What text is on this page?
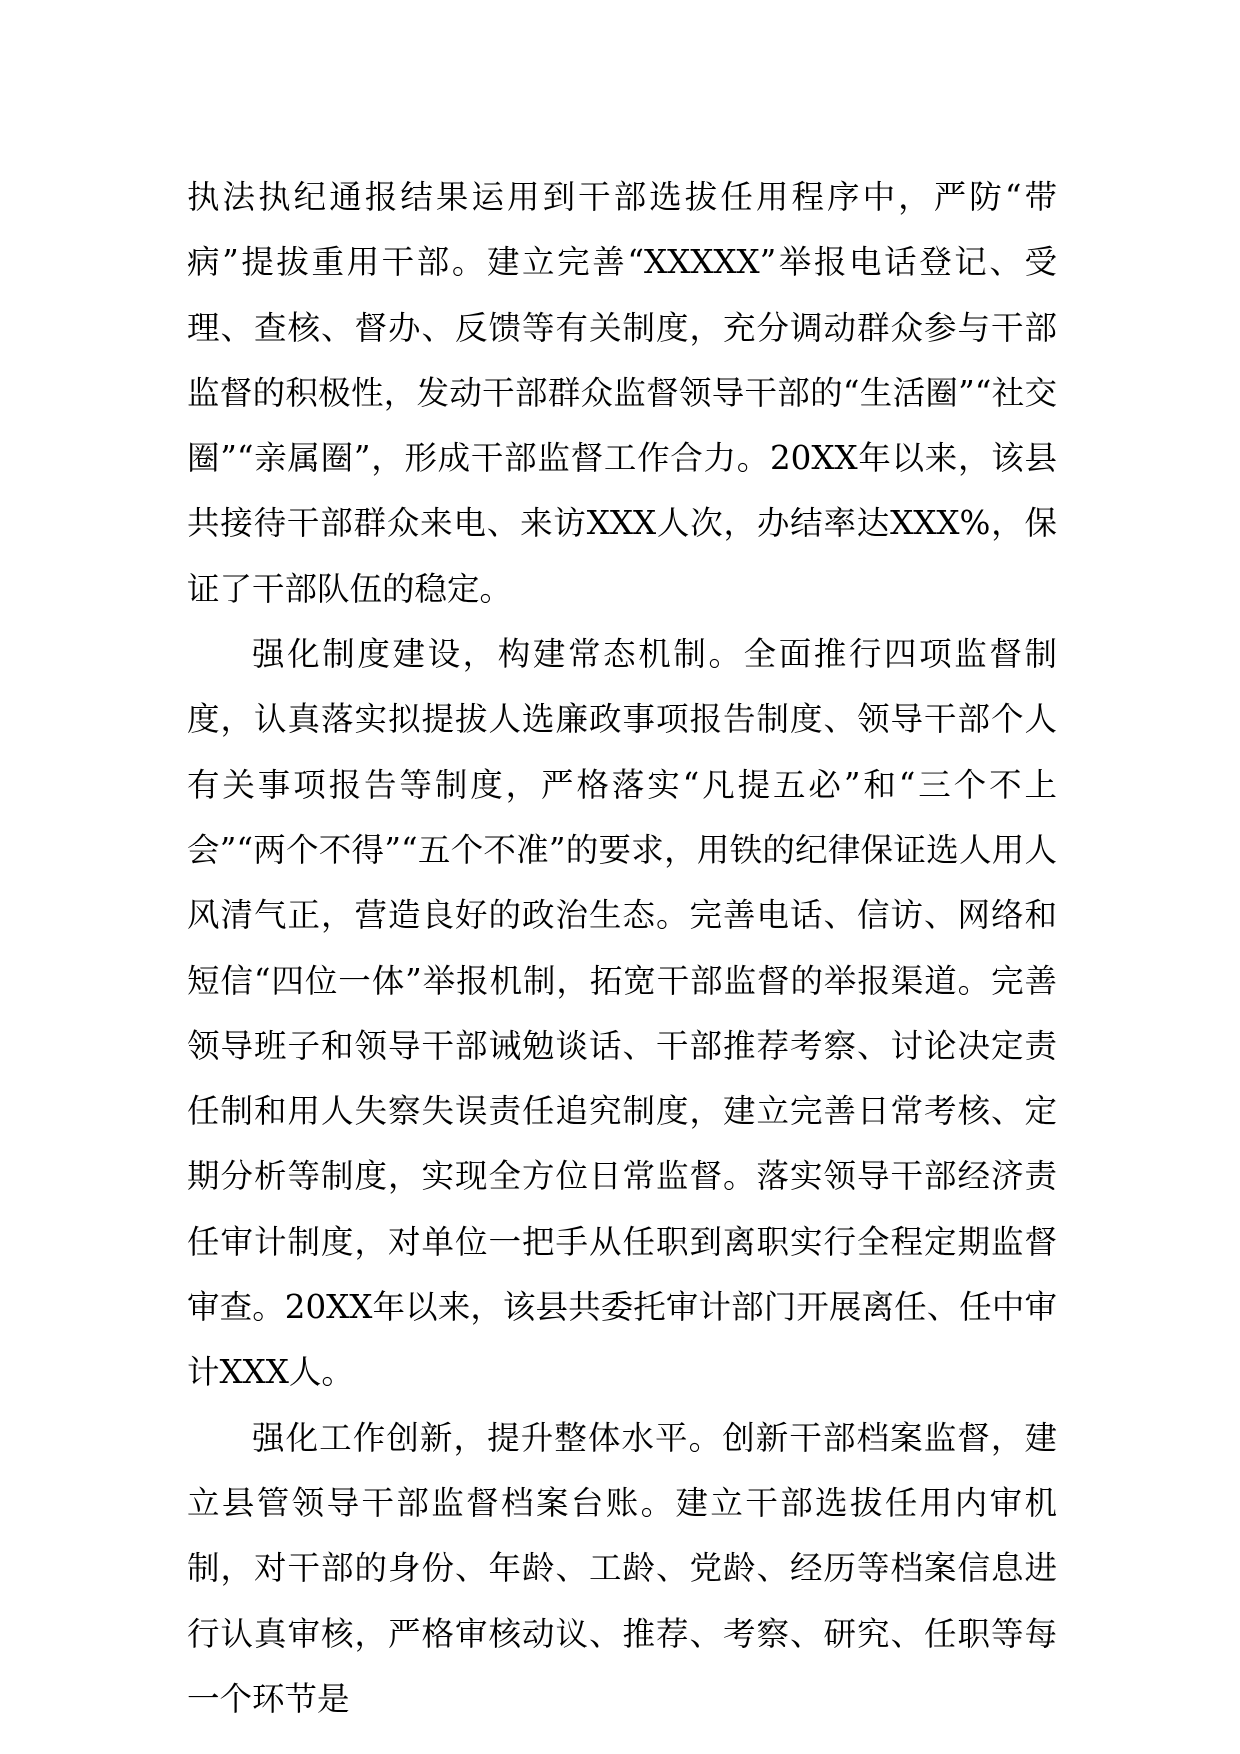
执法执纪通报结果运用到干部选拔任用程序中，严防“带病”提拔重用干部。建立完善“XXXXX”举报电话登记、受理、查核、督办、反馈等有关制度，充分调动群众参与干部监督的积极性，发动干部群众监督领导干部的“生活圈”“社交圈”“亲属圈”，形成干部监督工作合力。20XX年以来，该县共接待干部群众来电、来访XXX人次，办结率达XXX%，保证了干部队伍的稳定。

强化制度建设，构建常态机制。全面推行四项监督制度，认真落实拟提拔人选廉政事项报告制度、领导干部个人有关事项报告等制度，严格落实“凡提五必”和“三个不上会”“两个不得”“五个不准”的要求，用铁的纪律保证选人用人风清气正，营造良好的政治生态。完善电话、信访、网络和短信“四位一体”举报机制，拓宽干部监督的举报渠道。完善领导班子和领导干部诫勉谈话、干部推荐考察、讨论决定责任制和用人失察失误责任追究制度，建立完善日常考核、定期分析等制度，实现全方位日常监督。落实领导干部经济责任审计制度，对单位一把手从任职到离职实行全程定期监督审查。20XX年以来，该县共委托审计部门开展离任、任中审计XXX人。

强化工作创新，提升整体水平。创新干部档案监督，建立县管领导干部监督档案台账。建立干部选拔任用内审机制，对干部的身份、年龄、工龄、党龄、经历等档案信息进行认真审核，严格审核动议、推荐、考察、研究、任职等每一个环节是
